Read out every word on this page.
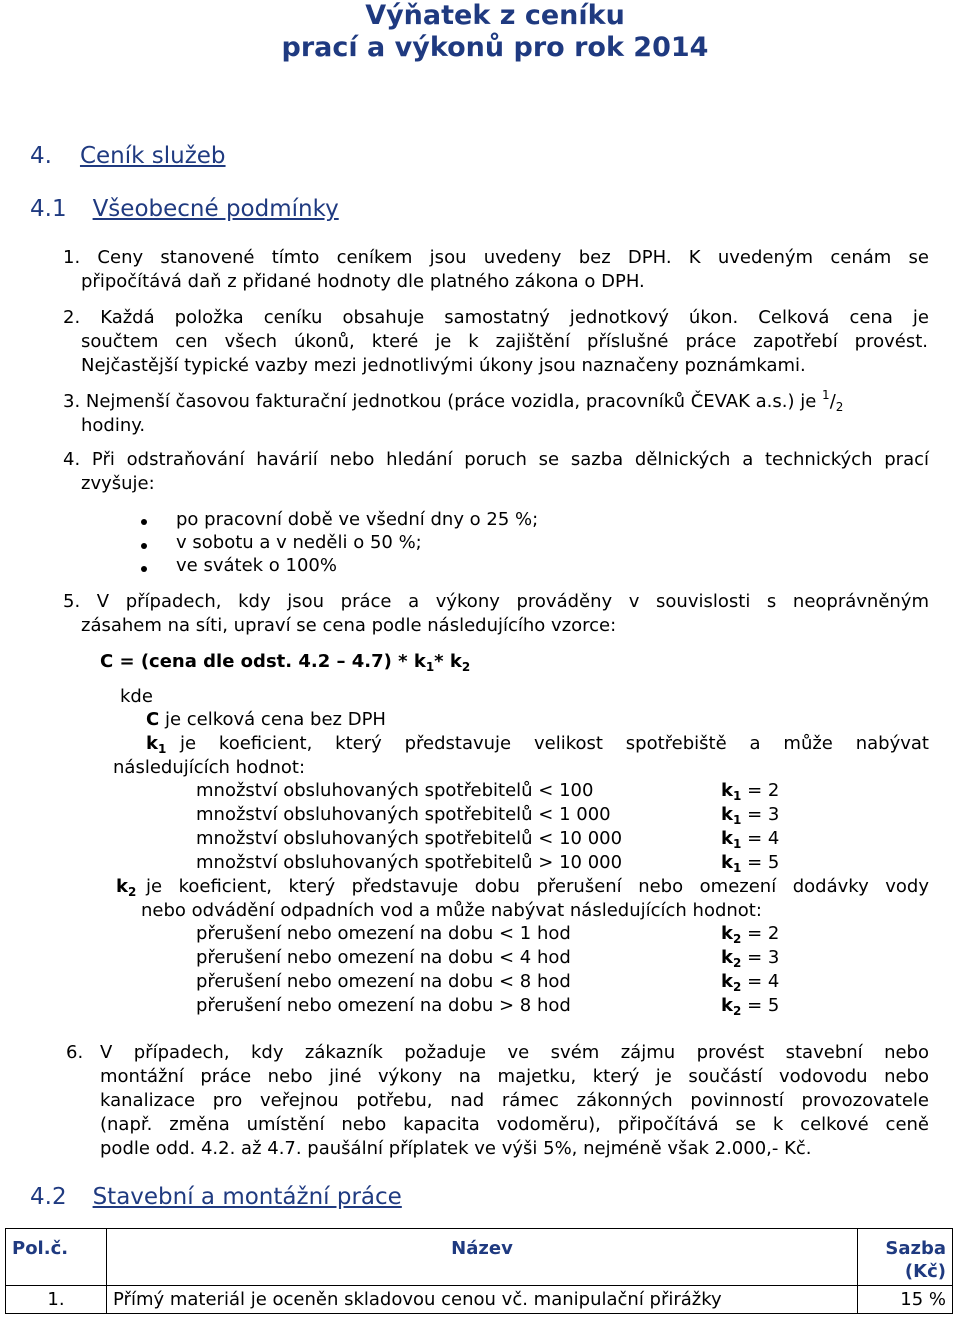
Výňatek z ceníku
prací a výkonů pro rok 2014
4. Ceník služeb
4.1 Všeobecné podmínky
1. Ceny stanovené tímto ceníkem jsou uvedeny bez DPH. K uvedeným cenám se
připočítává daň z přidané hodnoty dle platného zákona o DPH.
2. Každá položka ceníku obsahuje samostatný jednotkový úkon. Celková cena je
součtem cen všech úkonů, které je k zajištění příslušné práce zapotřebí provést.
Nejčastější typické vazby mezi jednotlivými úkony jsou naznačeny poznámkami.
3. Nejmenší časovou fakturační jednotkou (práce vozidla, pracovníků ČEVAK a.s.) je $^1/_2$
hodiny.
4. Při odstraňování havárií nebo hledání poruch se sazba dělnických a technických prací
zvyšuje:
po pracovní době ve všední dny o 25 %;
v sobotu a v neděli o 50 %;
ve svátek o 100%
5. V případech, kdy jsou práce a výkony prováděny v souvislosti s neoprávněným
zásahem na síti, upraví se cena podle následujícího vzorce:
C = (cena dle odst. $4.2 - 4.7) * k_1*$ $k_2$
kde
C je celková cena bez DPH
$k_1$ je koeficient, který představuje velikost spotřebiště a může nabývat
následujících hodnot:
množství obsluhovaných spotřebitelů < 100	$k_1 = 2$
množství obsluhovaných spotřebitelů < 1 000	$k_1 = 3$
množství obsluhovaných spotřebitelů < 10 000	$k_1 = 4$
množství obsluhovaných spotřebitelů > 10 000	$k_1 = 5$
$k_2$ je koeficient, který představuje dobu přerušení nebo omezení dodávky vody
nebo odvádění odpadních vod a může nabývat následujících hodnot:
přerušení nebo omezení na dobu < 1 hod	$k_2 = 2$
přerušení nebo omezení na dobu < 4 hod	$k_2 = 3$
přerušení nebo omezení na dobu < 8 hod	$k_2 = 4$
přerušení nebo omezení na dobu > 8 hod	$k_2 = 5$
6. V případech, kdy zákazník požaduje ve svém zájmu provést stavební nebo
montážní práce nebo jiné výkony na majetku, který je součástí vodovodu nebo
kanalizace pro veřejnou potřebu, nad rámec zákonných povinností provozovatele
(např. změna umístění nebo kapacita vodoměru), připočítává se k celkové ceně
podle odd. 4.2. až 4.7. paušální příplatek ve výši 5%, nejméně však 2.000,- Kč.
4.2 Stavební a montážní práce
Pol.č.	Název	Sazba
(Kč)

1.	Přímý materiál je oceněn skladovou cenou vč. manipulační přirážky	15 %
